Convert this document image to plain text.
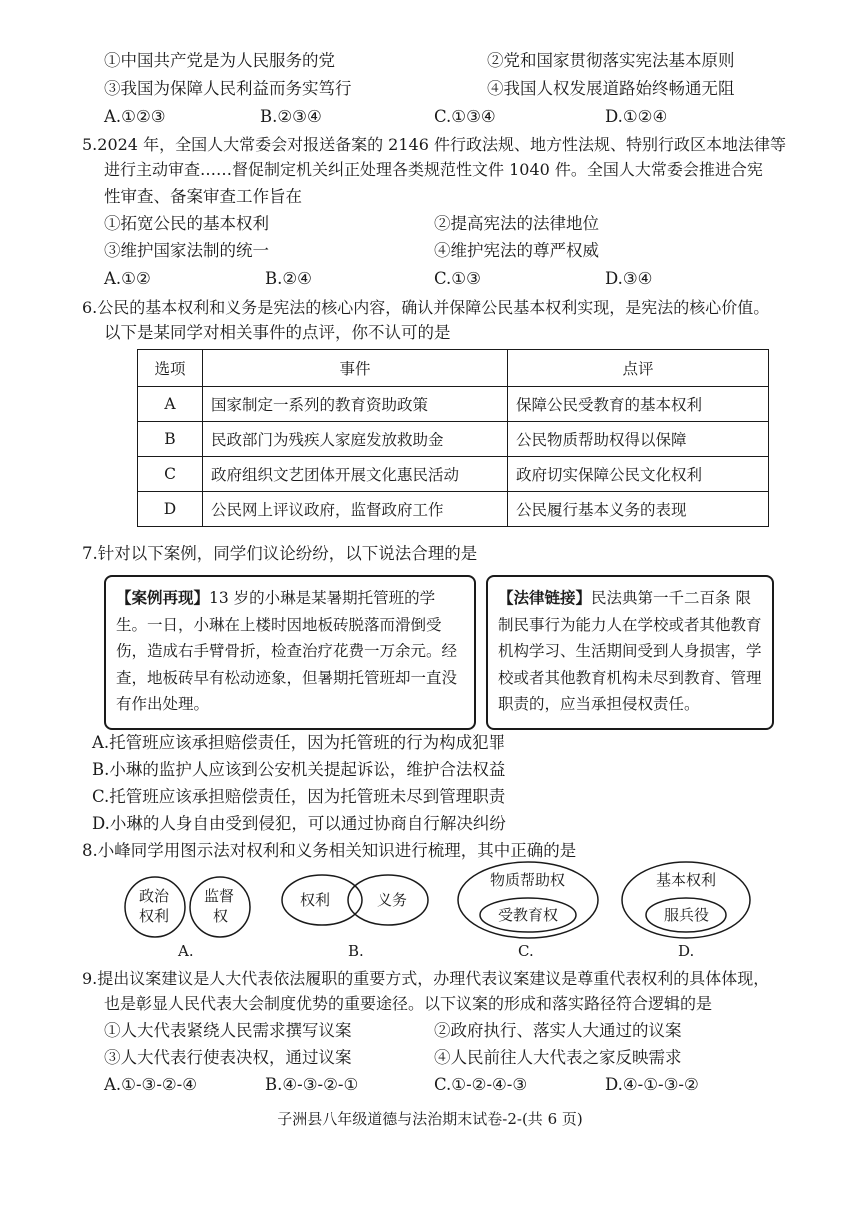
①中国共产党是为人民服务的党	②党和国家贯彻落实宪法基本原则
③我国为保障人民利益而务实笃行	④我国人权发展道路始终畅通无阻
A.①②③	B.②③④	C.①③④	D.①②④
5.2024 年，全国人大常委会对报送备案的 2146 件行政法规、地方性法规、特别行政区本地法律等
进行主动审查……督促制定机关纠正处理各类规范性文件 1040 件。全国人大常委会推进合宪
性审查、备案审查工作旨在
①拓宽公民的基本权利	②提高宪法的法律地位
③维护国家法制的统一	④维护宪法的尊严权威
A.①②	B.②④	C.①③	D.③④
6.公民的基本权利和义务是宪法的核心内容，确认并保障公民基本权利实现，是宪法的核心价值。
以下是某同学对相关事件的点评，你不认可的是
选项	事件	点评
A	国家制定一系列的教育资助政策	保障公民受教育的基本权利
B	民政部门为残疾人家庭发放救助金	公民物质帮助权得以保障
C	政府组织文艺团体开展文化惠民活动	政府切实保障公民文化权利
D	公民网上评议政府，监督政府工作	公民履行基本义务的表现
7.针对以下案例，同学们议论纷纷，以下说法合理的是
【案例再现】13 岁的小琳是某暑期托管班的学生。一日，小琳在上楼时因地板砖脱落而滑倒受伤，造成右手臂骨折，检查治疗花费一万余元。经查，地板砖早有松动迹象，但暑期托管班却一直没有作出处理。
【法律链接】民法典第一千二百条 限制民事行为能力人在学校或者其他教育机构学习、生活期间受到人身损害，学校或者其他教育机构未尽到教育、管理职责的，应当承担侵权责任。
A.托管班应该承担赔偿责任，因为托管班的行为构成犯罪
B.小琳的监护人应该到公安机关提起诉讼，维护合法权益
C.托管班应该承担赔偿责任，因为托管班未尽到管理职责
D.小琳的人身自由受到侵犯，可以通过协商自行解决纠纷
8.小峰同学用图示法对权利和义务相关知识进行梳理，其中正确的是
政治
权利
监督
权
权利	义务
物质帮助权
受教育权
基本权利
服兵役
A.	B.	C.	D.
9.提出议案建议是人大代表依法履职的重要方式，办理代表议案建议是尊重代表权利的具体体现，
也是彰显人民代表大会制度优势的重要途径。以下议案的形成和落实路径符合逻辑的是
①人大代表紧绕人民需求撰写议案	②政府执行、落实人大通过的议案
③人大代表行使表决权，通过议案	④人民前往人大代表之家反映需求
A.①-③-②-④	B.④-③-②-①	C.①-②-④-③	D.④-①-③-②
子洲县八年级道德与法治期末试卷-2-(共 6 页)
